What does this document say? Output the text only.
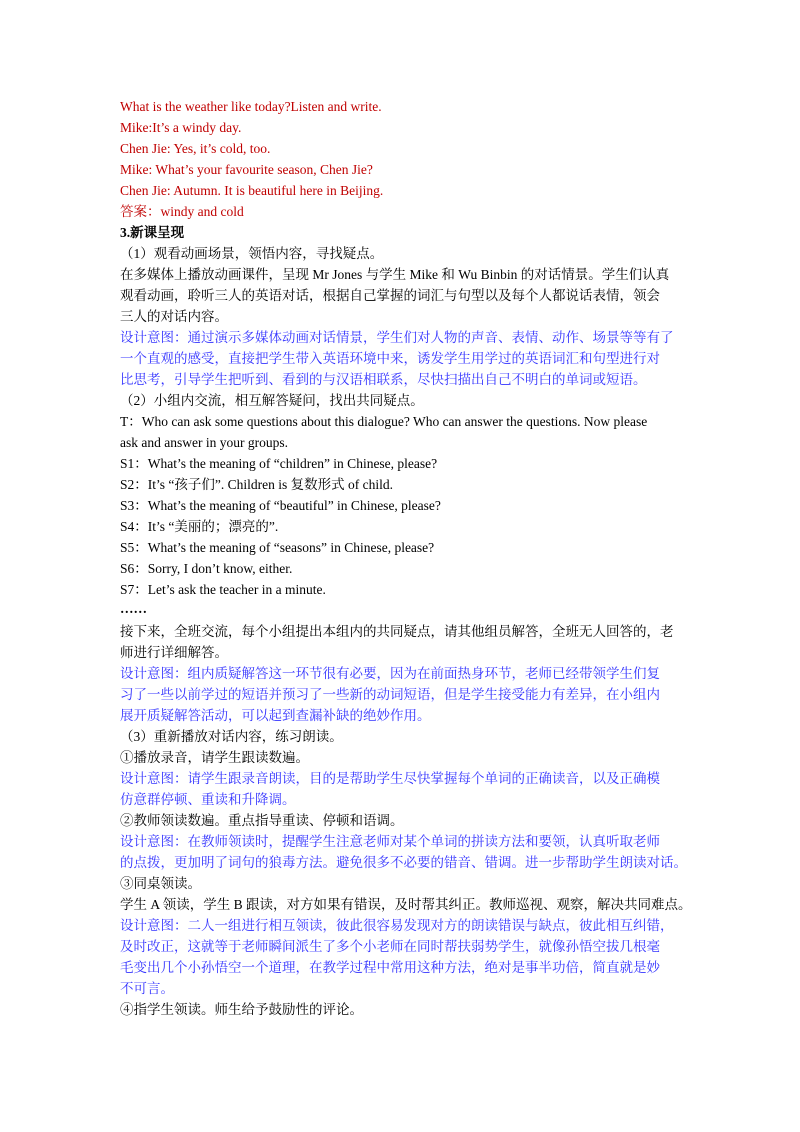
What is the weather like today?Listen and write.
Mike:It’s a windy day.
Chen Jie: Yes, it’s cold, too.
Mike: What’s your favourite season, Chen Jie?
Chen Jie: Autumn. It is beautiful here in Beijing.
答案：windy and cold
3.新课呈现
（1）观看动画场景，领悟内容，寻找疑点。
在多媒体上播放动画课件，呈现 Mr Jones 与学生 Mike 和 Wu Binbin 的对话情景。学生们认真
观看动画，聆听三人的英语对话，根据自己掌握的词汇与句型以及每个人都说话表情，领会
三人的对话内容。
设计意图：通过演示多媒体动画对话情景，学生们对人物的声音、表情、动作、场景等等有了
一个直观的感受，直接把学生带入英语环境中来，诱发学生用学过的英语词汇和句型进行对
比思考，引导学生把听到、看到的与汉语相联系，尽快扫描出自己不明白的单词或短语。
（2）小组内交流，相互解答疑问，找出共同疑点。
T：Who can ask some questions about this dialogue? Who can answer the questions. Now please
ask and answer in your groups.
S1：What’s the meaning of “children” in Chinese, please?
S2：It’s “孩子们”. Children is 复数形式 of child.
S3：What’s the meaning of “beautiful” in Chinese, please?
S4：It’s “美丽的；漂亮的”.
S5：What’s the meaning of “seasons” in Chinese, please?
S6：Sorry, I don’t know, either.
S7：Let’s ask the teacher in a minute.
……
接下来，全班交流，每个小组提出本组内的共同疑点，请其他组员解答，全班无人回答的，老
师进行详细解答。
设计意图：组内质疑解答这一环节很有必要，因为在前面热身环节，老师已经带领学生们复
习了一些以前学过的短语并预习了一些新的动词短语，但是学生接受能力有差异，在小组内
展开质疑解答活动，可以起到查漏补缺的绝妙作用。
（3）重新播放对话内容，练习朗读。
①播放录音，请学生跟读数遍。
设计意图：请学生跟录音朗读，目的是帮助学生尽快掌握每个单词的正确读音，以及正确模
仿意群停顿、重读和升降调。
②教师领读数遍。重点指导重读、停顿和语调。
设计意图：在教师领读时，提醒学生注意老师对某个单词的拼读方法和要领，认真听取老师
的点拨，更加明了词句的狼毒方法。避免很多不必要的错音、错调。进一步帮助学生朗读对话。
③同桌领读。
学生 A 领读，学生 B 跟读，对方如果有错误，及时帮其纠正。教师巡视、观察，解决共同难点。
设计意图：二人一组进行相互领读，彼此很容易发现对方的朗读错误与缺点，彼此相互纠错，
及时改正，这就等于老师瞬间派生了多个小老师在同时帮扶弱势学生，就像孙悟空拔几根毫
毛变出几个小孙悟空一个道理，在教学过程中常用这种方法，绝对是事半功倍，简直就是妙
不可言。
④指学生领读。师生给予鼓励性的评论。
